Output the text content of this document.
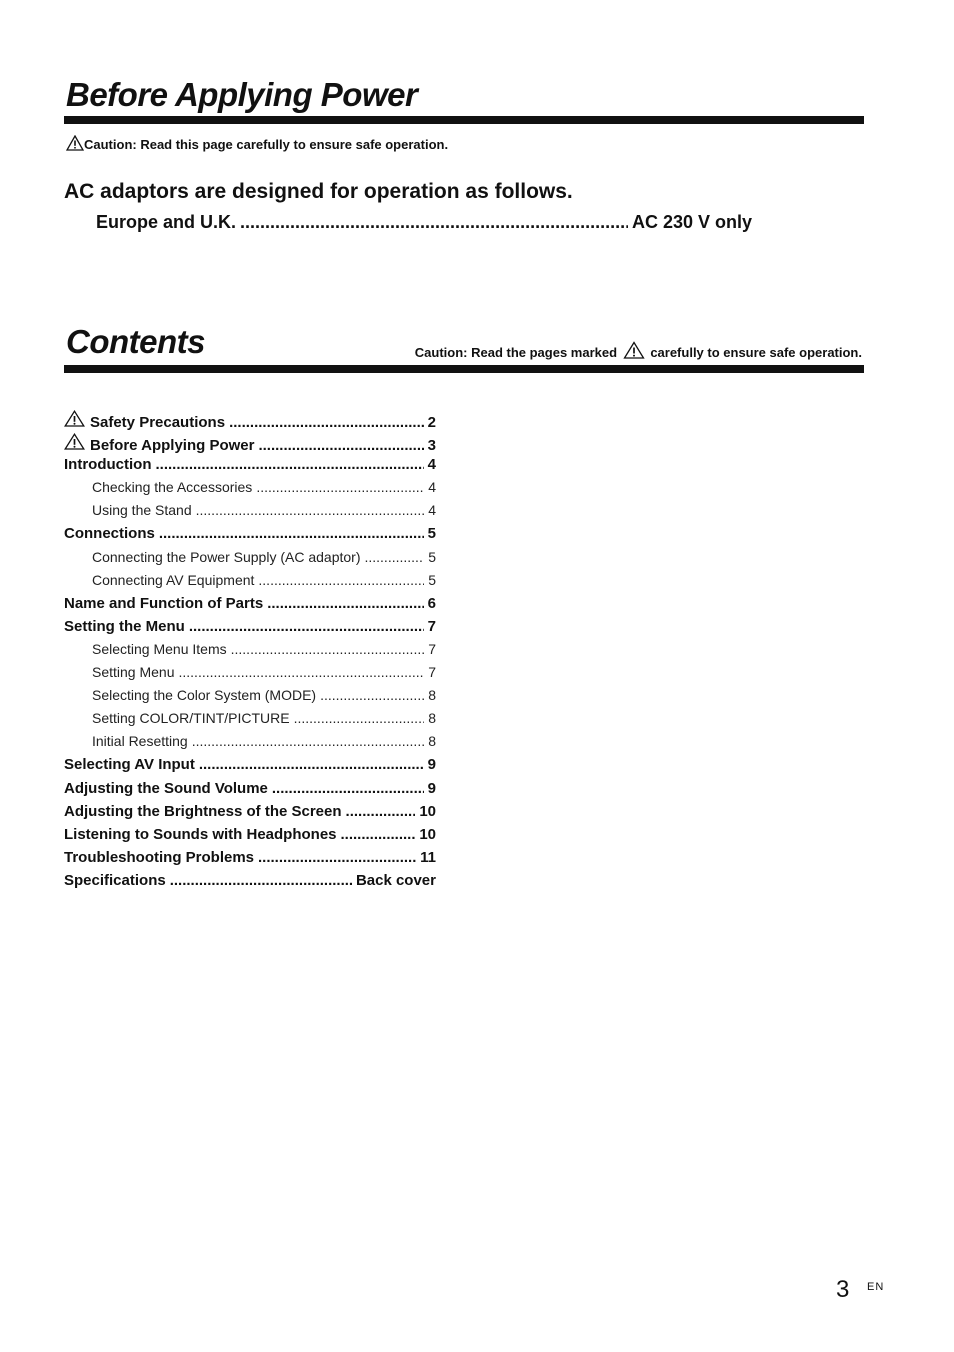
Before Applying Power
Caution: Read this page carefully to ensure safe operation.
AC adaptors are designed for operation as follows.
Europe and U.K. .....	AC 230 V only
Contents	Caution: Read the pages marked	carefully to ensure safe operation.
Safety Precautions .....	2
Before Applying Power .....	3
Introduction .....	4
Checking the Accessories .....	4
Using the Stand .....	4
Connections .....	5
Connecting the Power Supply (AC adaptor) .....	5
Connecting AV Equipment .....	5
Name and Function of Parts .....	6
Setting the Menu .....	7
Selecting Menu Items .....	7
Setting Menu .....	7
Selecting the Color System (MODE) .....	8
Setting COLOR/TINT/PICTURE .....	8
Initial Resetting .....	8
Selecting AV Input .....	9
Adjusting the Sound Volume .....	9
Adjusting the Brightness of the Screen .....	10
Listening to Sounds with Headphones .....	10
Troubleshooting Problems .....	11
Specifications .....	Back cover
3 EN
